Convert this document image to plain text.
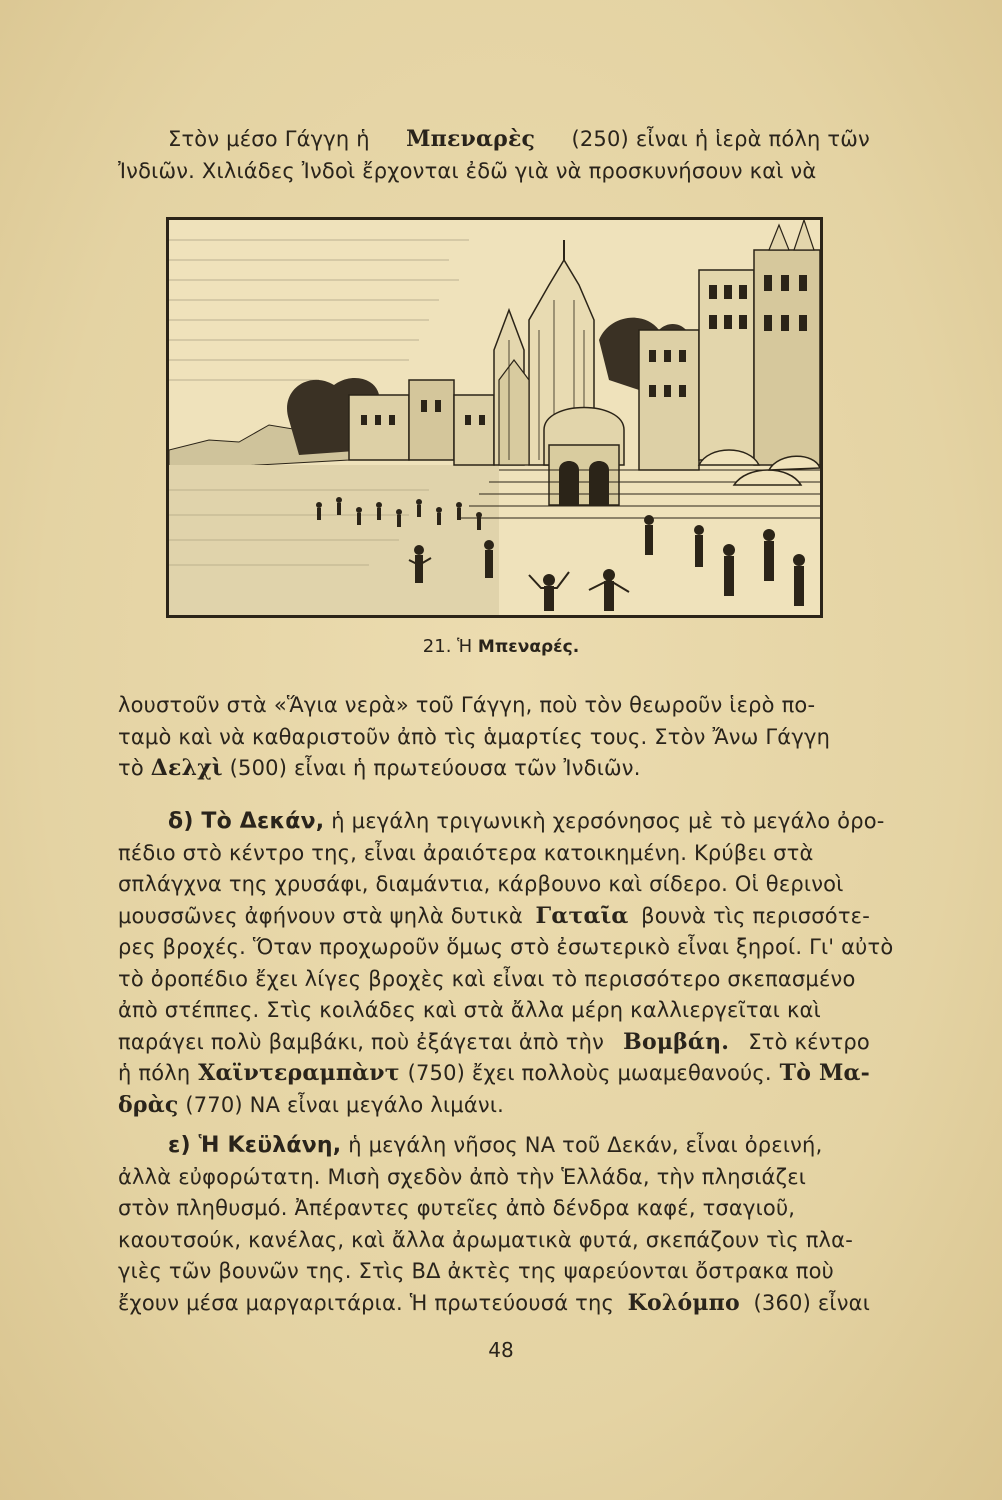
Στὸν μέσο Γάγγη ἡ Μπεναρὲς (250) εἶναι ἡ ἱερὰ πόλη τῶν
Ἰνδιῶν. Χιλιάδες Ἰνδοὶ ἔρχονται ἐδῶ γιὰ νὰ προσκυνήσουν καὶ νὰ
21. Ἡ Μπεναρές.
λουστοῦν στὰ «Ἅγια νερὰ» τοῦ Γάγγη, ποὺ τὸν θεωροῦν ἱερὸ πο-
ταμὸ καὶ νὰ καθαριστοῦν ἀπὸ τὶς ἁμαρτίες τους. Στὸν Ἄνω Γάγγη
τὸ Δελχὶ (500) εἶναι ἡ πρωτεύουσα τῶν Ἰνδιῶν.
δ) Τὸ Δεκάν, ἡ μεγάλη τριγωνικὴ χερσόνησος μὲ τὸ μεγάλο ὀρο-
πέδιο στὸ κέντρο της, εἶναι ἀραιότερα κατοικημένη. Κρύβει στὰ
σπλάγχνα της χρυσάφι, διαμάντια, κάρβουνο καὶ σίδερο. Οἱ θερινοὶ
μουσσῶνες ἀφήνουν στὰ ψηλὰ δυτικὰ Γαταῖα βουνὰ τὶς περισσότε-
ρες βροχές. Ὅταν προχωροῦν ὅμως στὸ ἐσωτερικὸ εἶναι ξηροί. Γι' αὐτὸ
τὸ ὀροπέδιο ἔχει λίγες βροχὲς καὶ εἶναι τὸ περισσότερο σκεπασμένο
ἀπὸ στέππες. Στὶς κοιλάδες καὶ στὰ ἄλλα μέρη καλλιεργεῖται καὶ
παράγει πολὺ βαμβάκι, ποὺ ἐξάγεται ἀπὸ τὴν Βομβάη. Στὸ κέντρο
ἡ πόλη Χαϊντεραμπὰντ (750) ἔχει πολλοὺς μωαμεθανούς. Τὸ Μα-
δρὰς (770) ΝΑ εἶναι μεγάλο λιμάνι.
ε) Ἡ Κεϋλάνη, ἡ μεγάλη νῆσος ΝΑ τοῦ Δεκάν, εἶναι ὀρεινή,
ἀλλὰ εὐφορώτατη. Μισὴ σχεδὸν ἀπὸ τὴν Ἑλλάδα, τὴν πλησιάζει
στὸν πληθυσμό. Ἀπέραντες φυτεῖες ἀπὸ δένδρα καφέ, τσαγιοῦ,
καουτσούκ, κανέλας, καὶ ἄλλα ἀρωματικὰ φυτά, σκεπάζουν τὶς πλα-
γιὲς τῶν βουνῶν της. Στὶς ΒΔ ἀκτὲς της ψαρεύονται ὄστρακα ποὺ
ἔχουν μέσα μαργαριτάρια. Ἡ πρωτεύουσά της Κολόμπο (360) εἶναι
48
